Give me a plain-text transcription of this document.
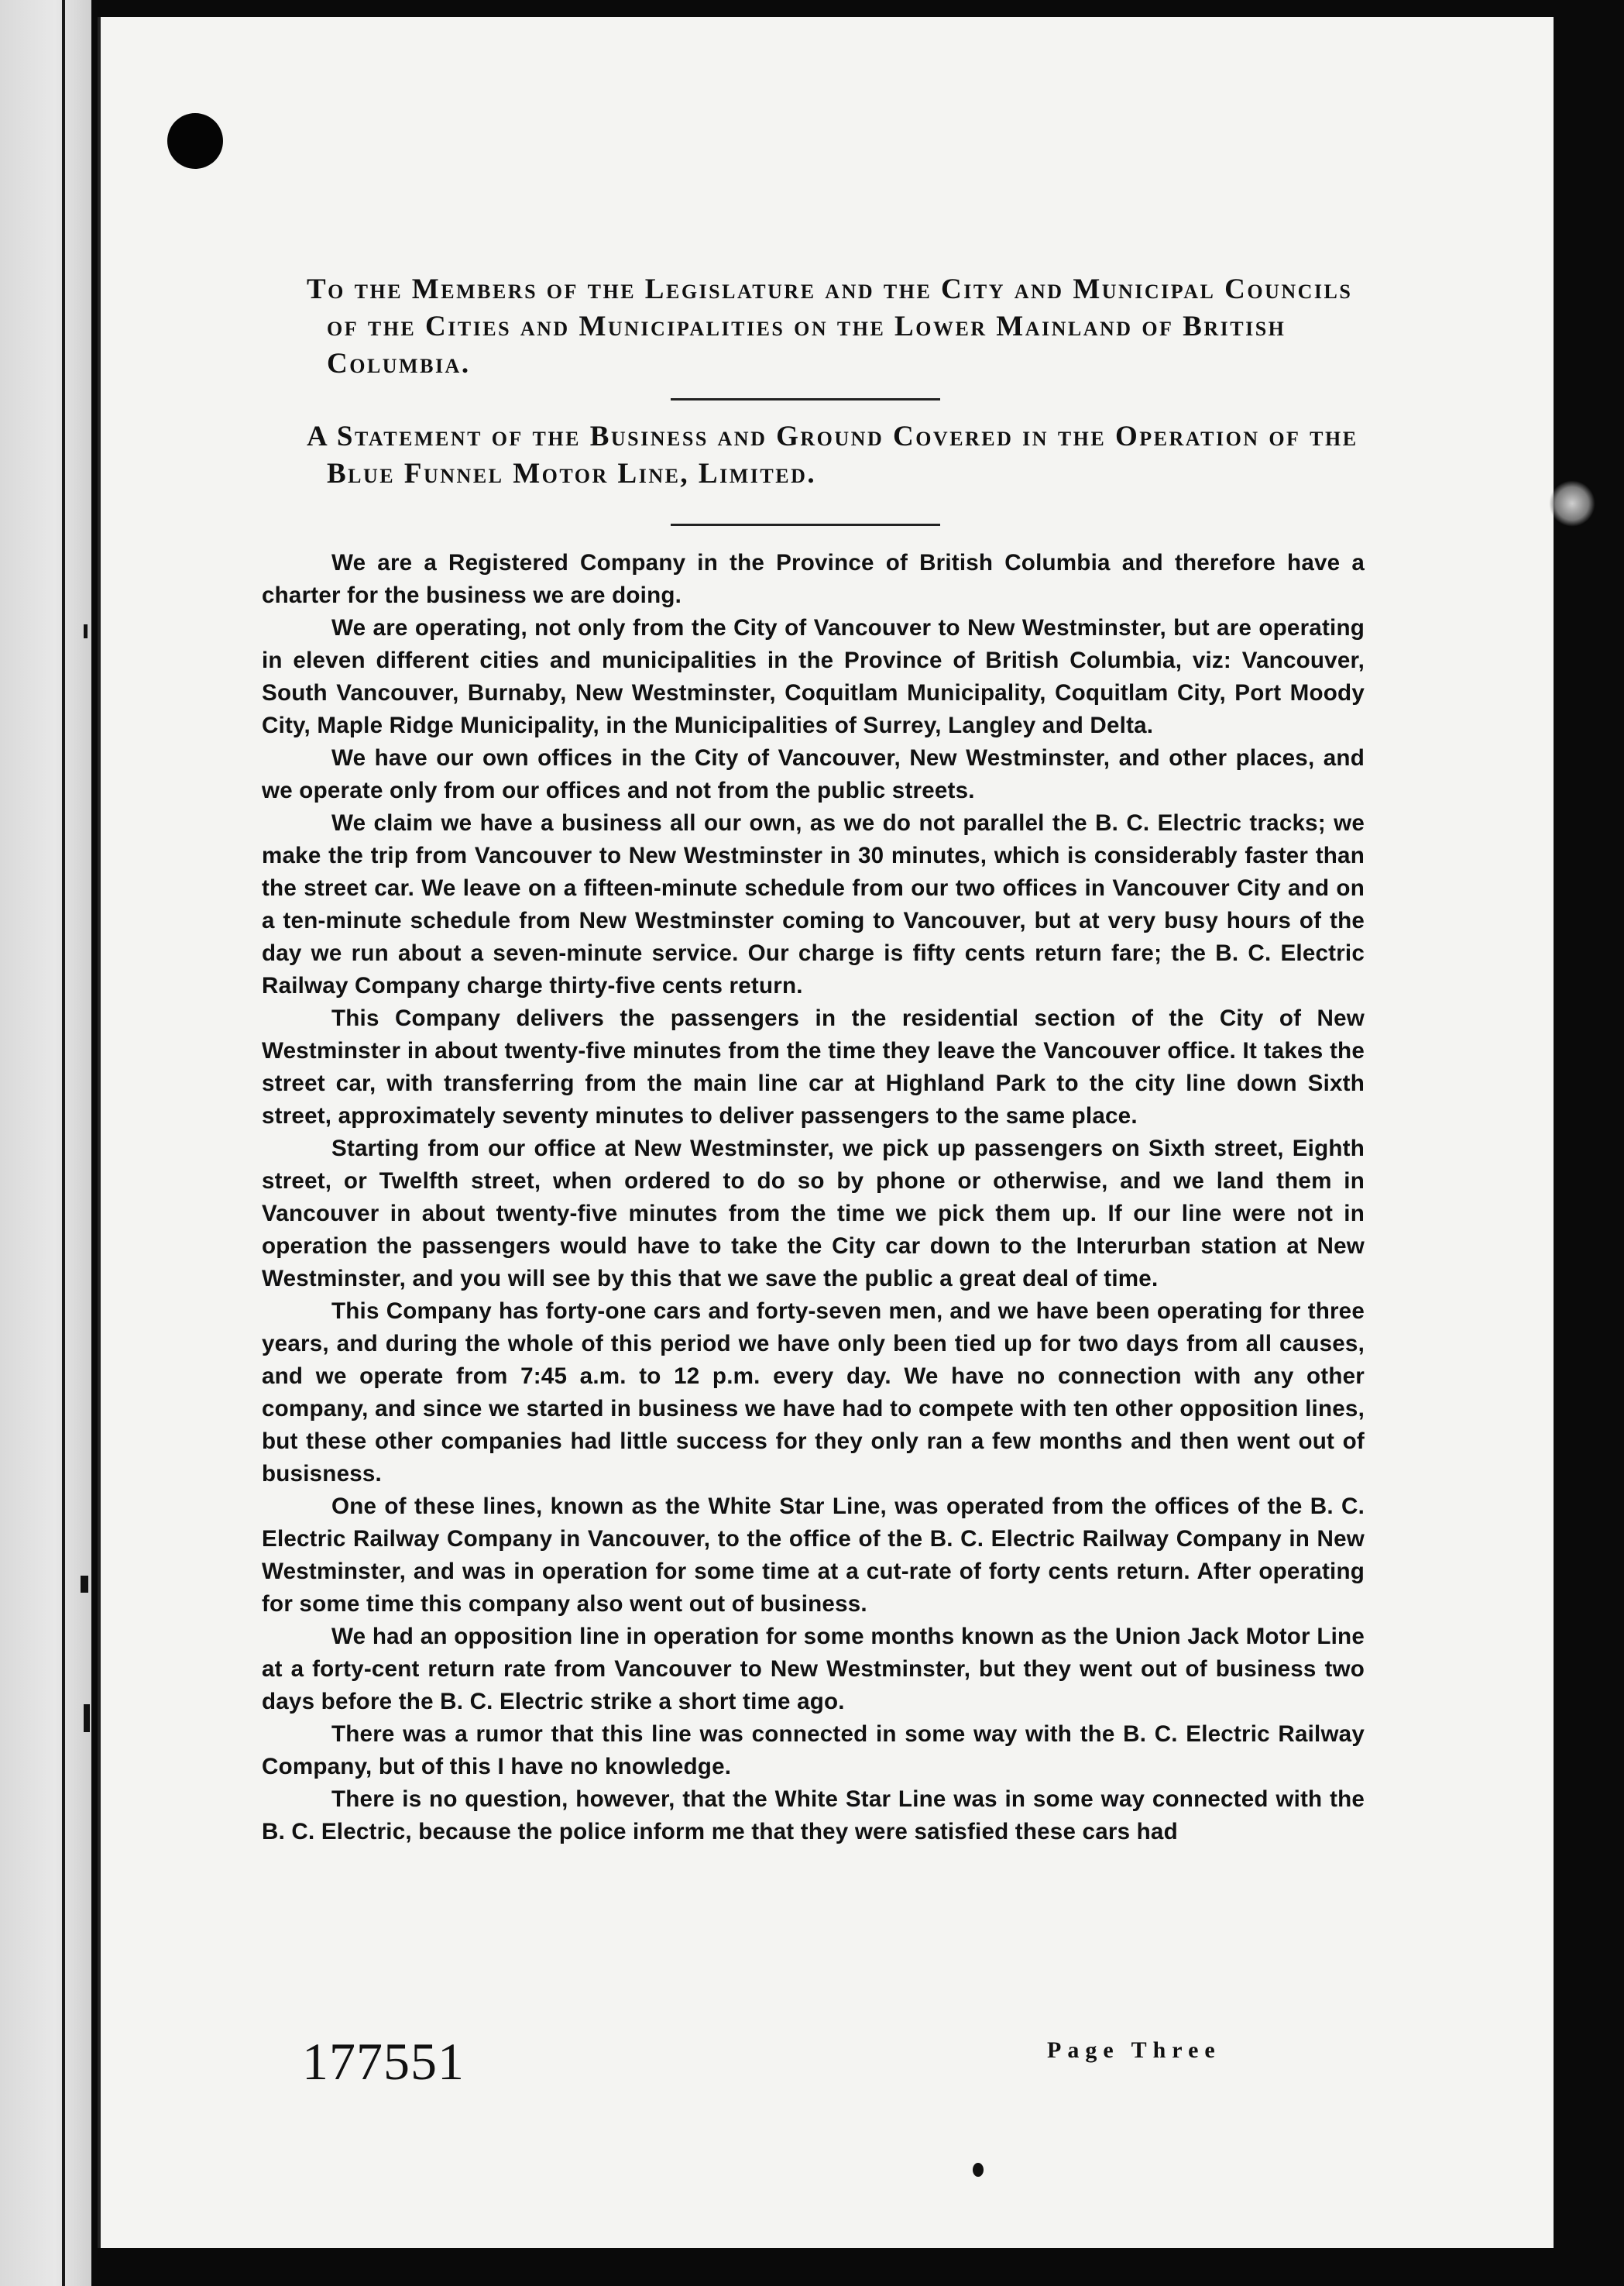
To the Members of the Legislature and the City and Municipal Councils of the Cities and Municipalities on the Lower Mainland of British Columbia.
A Statement of the Business and Ground Covered in the Operation of the Blue Funnel Motor Line, Limited.

We are a Registered Company in the Province of British Columbia and therefore have a charter for the business we are doing.

We are operating, not only from the City of Vancouver to New Westminster, but are operating in eleven different cities and municipalities in the Province of British Columbia, viz: Vancouver, South Vancouver, Burnaby, New Westminster, Coquitlam Municipality, Coquitlam City, Port Moody City, Maple Ridge Municipality, in the Municipalities of Surrey, Langley and Delta.

We have our own offices in the City of Vancouver, New Westminster, and other places, and we operate only from our offices and not from the public streets.

We claim we have a business all our own, as we do not parallel the B. C. Electric tracks; we make the trip from Vancouver to New Westminster in 30 minutes, which is considerably faster than the street car. We leave on a fifteen-minute schedule from our two offices in Vancouver City and on a ten-minute schedule from New Westminster coming to Vancouver, but at very busy hours of the day we run about a seven-minute service. Our charge is fifty cents return fare; the B. C. Electric Railway Company charge thirty-five cents return.

This Company delivers the passengers in the residential section of the City of New Westminster in about twenty-five minutes from the time they leave the Vancouver office. It takes the street car, with transferring from the main line car at Highland Park to the city line down Sixth street, approximately seventy minutes to deliver passengers to the same place.

Starting from our office at New Westminster, we pick up passengers on Sixth street, Eighth street, or Twelfth street, when ordered to do so by phone or otherwise, and we land them in Vancouver in about twenty-five minutes from the time we pick them up. If our line were not in operation the passengers would have to take the City car down to the Interurban station at New Westminster, and you will see by this that we save the public a great deal of time.

This Company has forty-one cars and forty-seven men, and we have been operating for three years, and during the whole of this period we have only been tied up for two days from all causes, and we operate from 7:45 a.m. to 12 p.m. every day. We have no connection with any other company, and since we started in business we have had to compete with ten other opposition lines, but these other companies had little success for they only ran a few months and then went out of busisness.

One of these lines, known as the White Star Line, was operated from the offices of the B. C. Electric Railway Company in Vancouver, to the office of the B. C. Electric Railway Company in New Westminster, and was in operation for some time at a cut-rate of forty cents return. After operating for some time this company also went out of business.

We had an opposition line in operation for some months known as the Union Jack Motor Line at a forty-cent return rate from Vancouver to New Westminster, but they went out of business two days before the B. C. Electric strike a short time ago.

There was a rumor that this line was connected in some way with the B. C. Electric Railway Company, but of this I have no knowledge.

There is no question, however, that the White Star Line was in some way connected with the B. C. Electric, because the police inform me that they were satisfied these cars had

177551	Page Three
